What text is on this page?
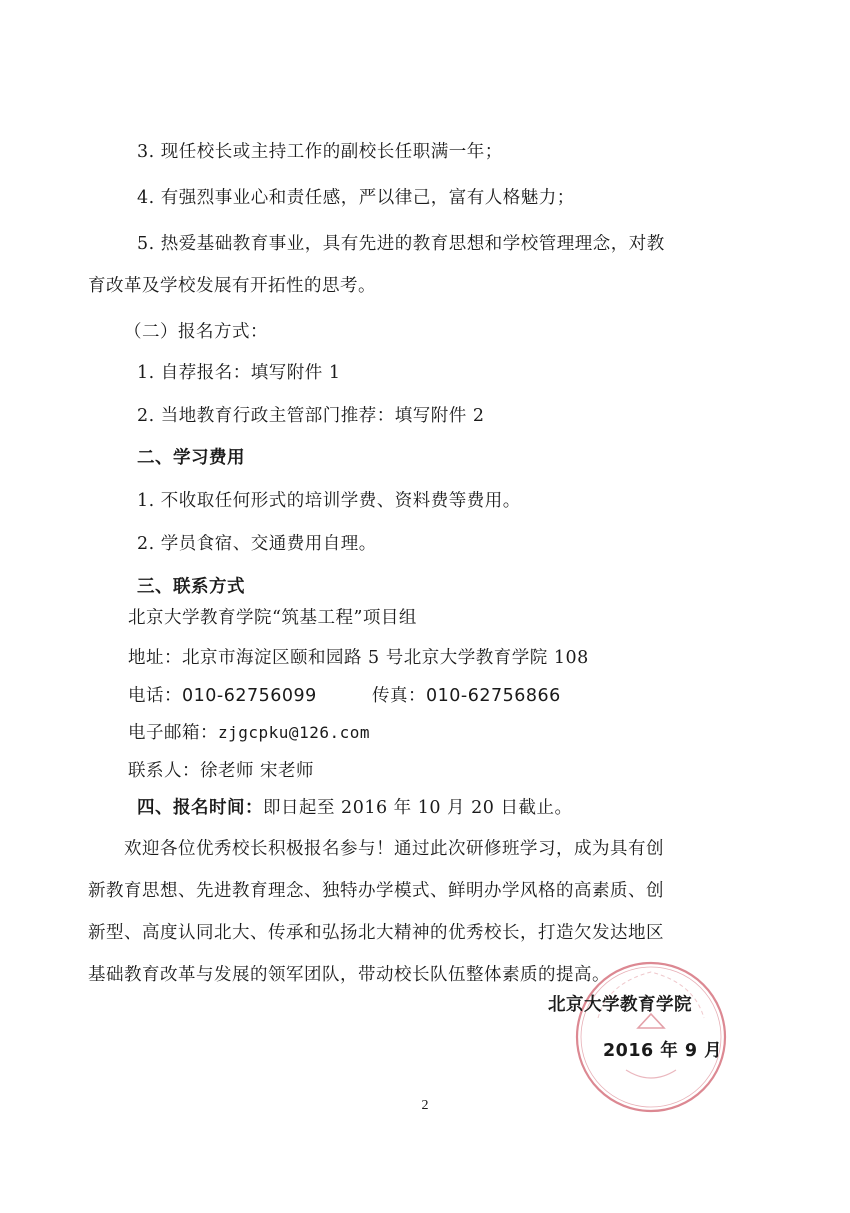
3. 现任校长或主持工作的副校长任职满一年；
4. 有强烈事业心和责任感，严以律己，富有人格魅力；
5. 热爱基础教育事业，具有先进的教育思想和学校管理理念，对教
育改革及学校发展有开拓性的思考。
（二）报名方式：
1. 自荐报名：填写附件 1
2. 当地教育行政主管部门推荐：填写附件 2
二、学习费用
1. 不收取任何形式的培训学费、资料费等费用。
2. 学员食宿、交通费用自理。
三、联系方式
北京大学教育学院“筑基工程”项目组
地址：北京市海淀区颐和园路 5 号北京大学教育学院 108
电话：010-62756099	传真：010-62756866
电子邮箱：zjgcpku@126.com
联系人：徐老师 宋老师
四、报名时间：即日起至 2016 年 10 月 20 日截止。
欢迎各位优秀校长积极报名参与！通过此次研修班学习，成为具有创
新教育思想、先进教育理念、独特办学模式、鲜明办学风格的高素质、创
新型、高度认同北大、传承和弘扬北大精神的优秀校长，打造欠发达地区
基础教育改革与发展的领军团队，带动校长队伍整体素质的提高。
北京大学教育学院
2016 年 9 月
2
